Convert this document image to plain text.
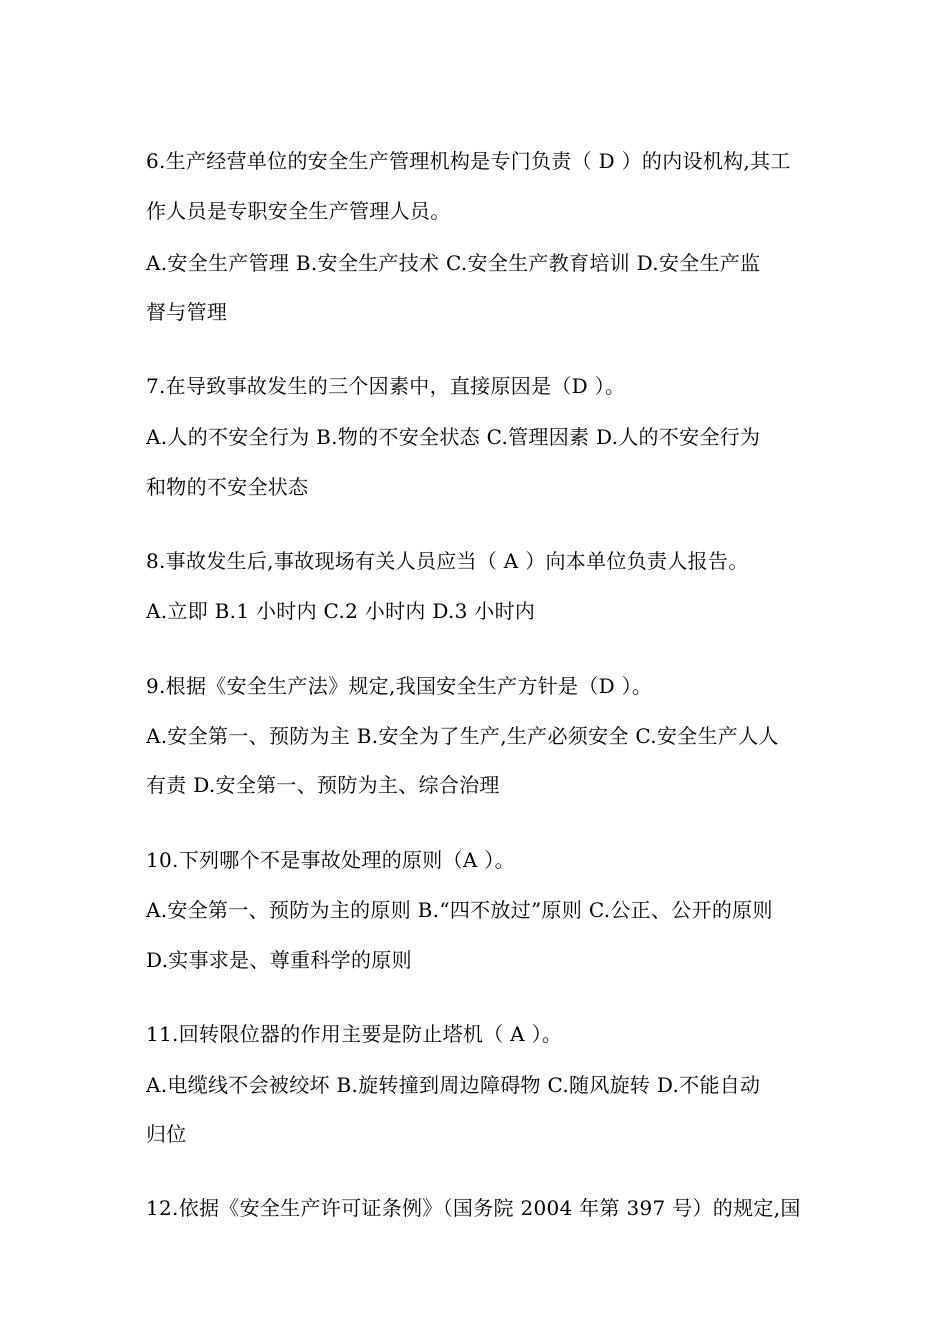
6.生产经营单位的安全生产管理机构是专门负责（ D ）的内设机构,其工
作人员是专职安全生产管理人员。
A.安全生产管理 B.安全生产技术 C.安全生产教育培训 D.安全生产监
督与管理
7.在导致事故发生的三个因素中，直接原因是（D ）。
A.人的不安全行为 B.物的不安全状态 C.管理因素 D.人的不安全行为
和物的不安全状态
8.事故发生后,事故现场有关人员应当（ A ）向本单位负责人报告。
A.立即 B.1 小时内 C.2 小时内 D.3 小时内
9.根据《安全生产法》规定,我国安全生产方针是（D ）。
A.安全第一、预防为主 B.安全为了生产,生产必须安全 C.安全生产人人
有责 D.安全第一、预防为主、综合治理
10.下列哪个不是事故处理的原则（A ）。
A.安全第一、预防为主的原则 B.“四不放过”原则 C.公正、公开的原则
D.实事求是、尊重科学的原则
11.回转限位器的作用主要是防止塔机（ A ）。
A.电缆线不会被绞坏 B.旋转撞到周边障碍物 C.随风旋转 D.不能自动
归位
12.依据《安全生产许可证条例》（国务院 2004 年第 397 号）的规定,国
